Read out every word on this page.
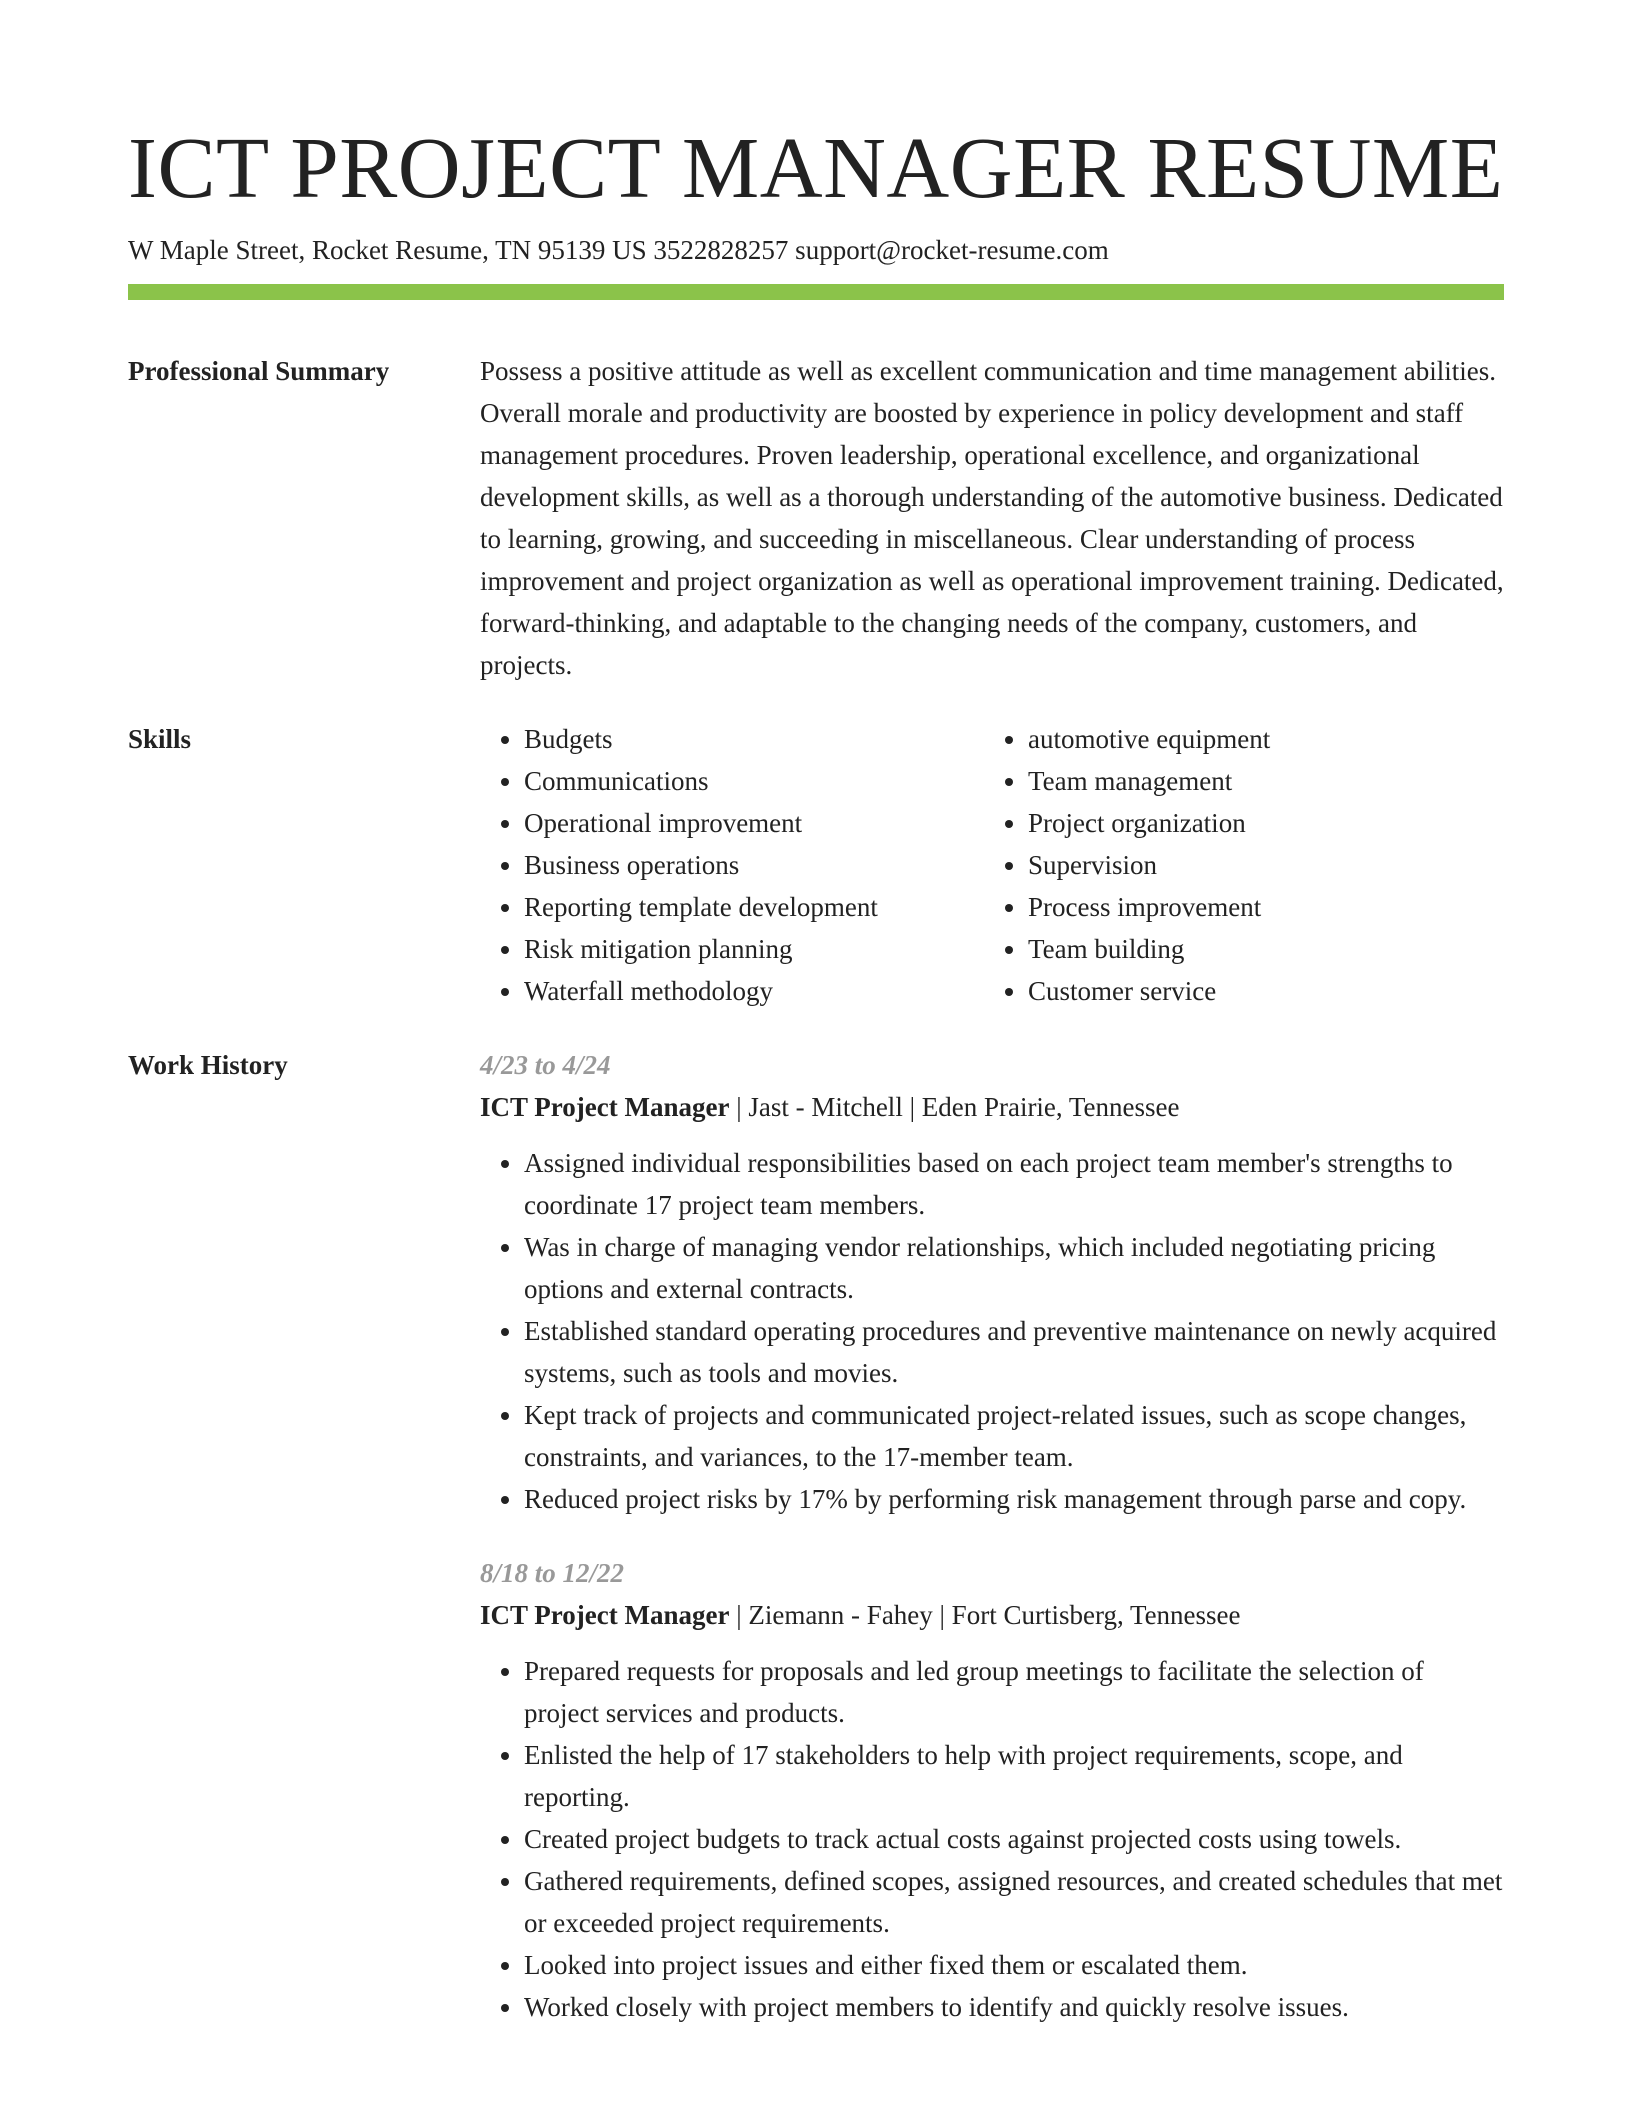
ICT PROJECT MANAGER RESUME
W Maple Street, Rocket Resume, TN 95139 US 3522828257 support@rocket-resume.com
Professional Summary	Possess a positive attitude as well as excellent communication and time management abilities. Overall morale and productivity are boosted by experience in policy development and staff management procedures. Proven leadership, operational excellence, and organizational development skills, as well as a thorough understanding of the automotive business. Dedicated to learning, growing, and succeeding in miscellaneous. Clear understanding of process improvement and project organization as well as operational improvement training. Dedicated, forward-thinking, and adaptable to the changing needs of the company, customers, and projects.
Skills
•	Budgets
• Communications
• Operational improvement
• Business operations
• Reporting template development
• Risk mitigation planning
• Waterfall methodology
• automotive equipment
• Team management
• Project organization
• Supervision
• Process improvement
• Team building
• Customer service
Work History	4/23 to 4/24
ICT Project Manager | Jast - Mitchell | Eden Prairie, Tennessee
• Assigned individual responsibilities based on each project team member's strengths to coordinate 17 project team members.
• Was in charge of managing vendor relationships, which included negotiating pricing options and external contracts.
• Established standard operating procedures and preventive maintenance on newly acquired systems, such as tools and movies.
• Kept track of projects and communicated project-related issues, such as scope changes, constraints, and variances, to the 17-member team.
• Reduced project risks by 17% by performing risk management through parse and copy.
8/18 to 12/22
ICT Project Manager | Ziemann - Fahey | Fort Curtisberg, Tennessee
• Prepared requests for proposals and led group meetings to facilitate the selection of project services and products.
• Enlisted the help of 17 stakeholders to help with project requirements, scope, and reporting.
• Created project budgets to track actual costs against projected costs using towels.
• Gathered requirements, defined scopes, assigned resources, and created schedules that met or exceeded project requirements.
• Looked into project issues and either fixed them or escalated them.
• Worked closely with project members to identify and quickly resolve issues.
